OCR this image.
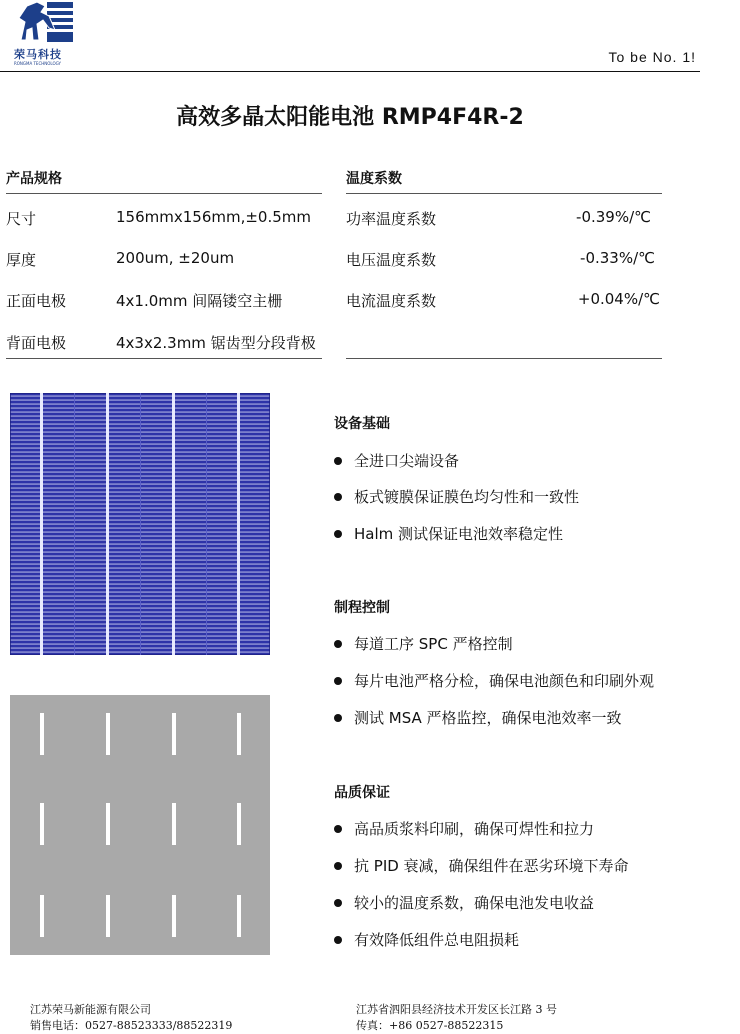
荣马科技
RONGMA TECHNOLOGY	To be No. 1!
高效多晶太阳能电池 RMP4F4R-2
产品规格
尺寸	156mmx156mm,±0.5mm
厚度	200um, ±20um
正面电极	4x1.0mm 间隔镂空主栅
背面电极	4x3x2.3mm 锯齿型分段背极
温度系数
功率温度系数	-0.39%/℃
电压温度系数	-0.33%/℃
电流温度系数	+0.04%/℃
设备基础
全进口尖端设备
板式镀膜保证膜色均匀性和一致性
Halm 测试保证电池效率稳定性
制程控制
每道工序 SPC 严格控制
每片电池严格分检，确保电池颜色和印刷外观
测试 MSA 严格监控，确保电池效率一致
品质保证
高品质浆料印刷，确保可焊性和拉力
抗 PID 衰减，确保组件在恶劣环境下寿命
较小的温度系数，确保电池发电收益
有效降低组件总电阻损耗
江苏荣马新能源有限公司
销售电话：0527-88523333/88522319
江苏省泗阳县经济技术开发区长江路 3 号
传真：+86 0527-88522315
